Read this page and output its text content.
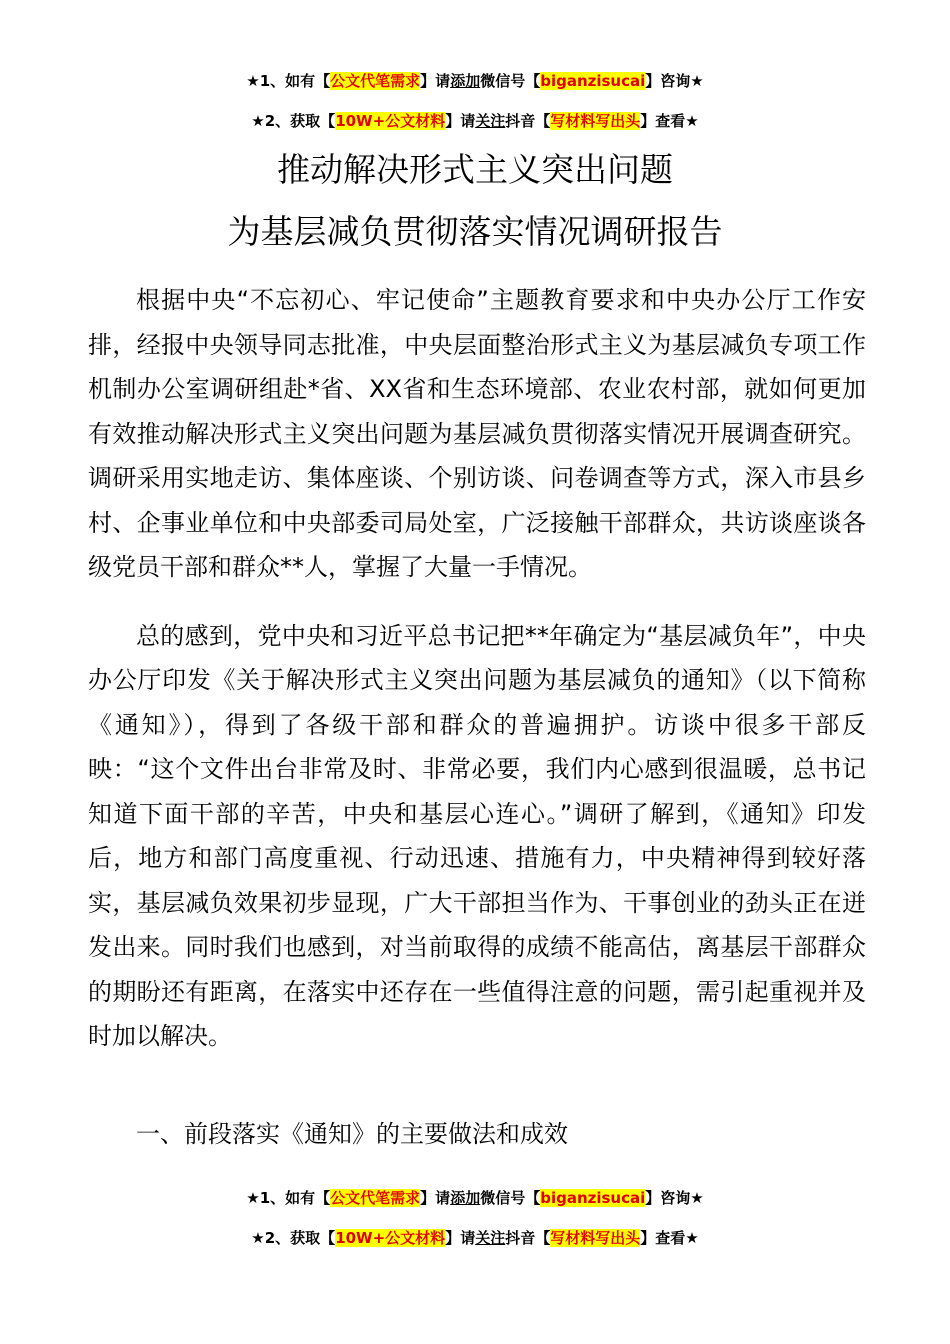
★1、如有【公文代笔需求】请添加微信号【biganzisucai】咨询★
★2、获取【10W+公文材料】请关注抖音【写材料写出头】查看★
推动解决形式主义突出问题
为基层减负贯彻落实情况调研报告

根据中央“不忘初心、牢记使命”主题教育要求和中央办公厅工作安排，经报中央领导同志批准，中央层面整治形式主义为基层减负专项工作机制办公室调研组赴*省、XX省和生态环境部、农业农村部，就如何更加有效推动解决形式主义突出问题为基层减负贯彻落实情况开展调查研究。调研采用实地走访、集体座谈、个别访谈、问卷调查等方式，深入市县乡村、企事业单位和中央部委司局处室，广泛接触干部群众，共访谈座谈各级党员干部和群众**人，掌握了大量一手情况。

总的感到，党中央和习近平总书记把**年确定为“基层减负年”，中央办公厅印发《关于解决形式主义突出问题为基层减负的通知》（以下简称《通知》），得到了各级干部和群众的普遍拥护。访谈中很多干部反映：“这个文件出台非常及时、非常必要，我们内心感到很温暖，总书记知道下面干部的辛苦，中央和基层心连心。”调研了解到，《通知》印发后，地方和部门高度重视、行动迅速、措施有力，中央精神得到较好落实，基层减负效果初步显现，广大干部担当作为、干事创业的劲头正在迸发出来。同时我们也感到，对当前取得的成绩不能高估，离基层干部群众的期盼还有距离，在落实中还存在一些值得注意的问题，需引起重视并及时加以解决。

一、前段落实《通知》的主要做法和成效
★1、如有【公文代笔需求】请添加微信号【biganzisucai】咨询★
★2、获取【10W+公文材料】请关注抖音【写材料写出头】查看★
